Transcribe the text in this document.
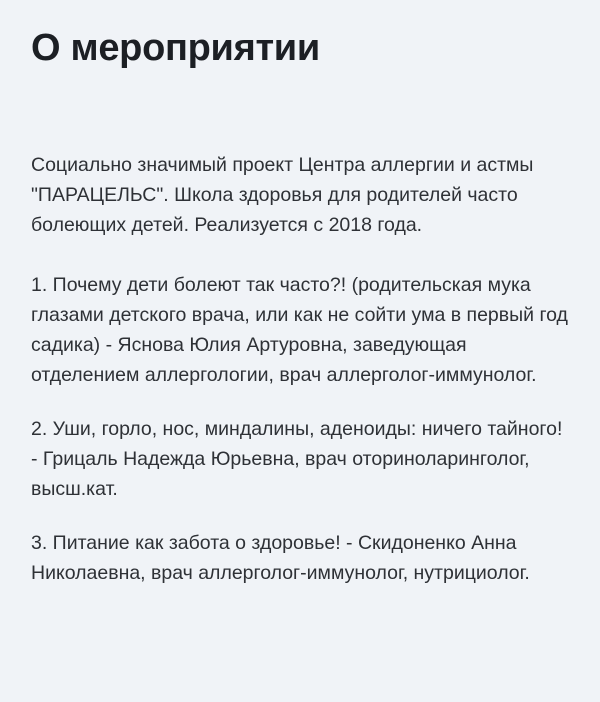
О мероприятии

Социально значимый проект Центра аллергии и астмы "ПАРАЦЕЛЬС". Школа здоровья для родителей часто болеющих детей. Реализуется с 2018 года.

1. Почему дети болеют так часто?! (родительская мука глазами детского врача, или как не сойти ума в первый год садика) - Яснова Юлия Артуровна, заведующая отделением аллергологии, врач аллерголог-иммунолог.

2. Уши, горло, нос, миндалины, аденоиды: ничего тайного! - Грицаль Надежда Юрьевна, врач оториноларинголог, высш.кат.

3. Питание как забота о здоровье! - Скидоненко Анна Николаевна, врач аллерголог-иммунолог, нутрициолог.
